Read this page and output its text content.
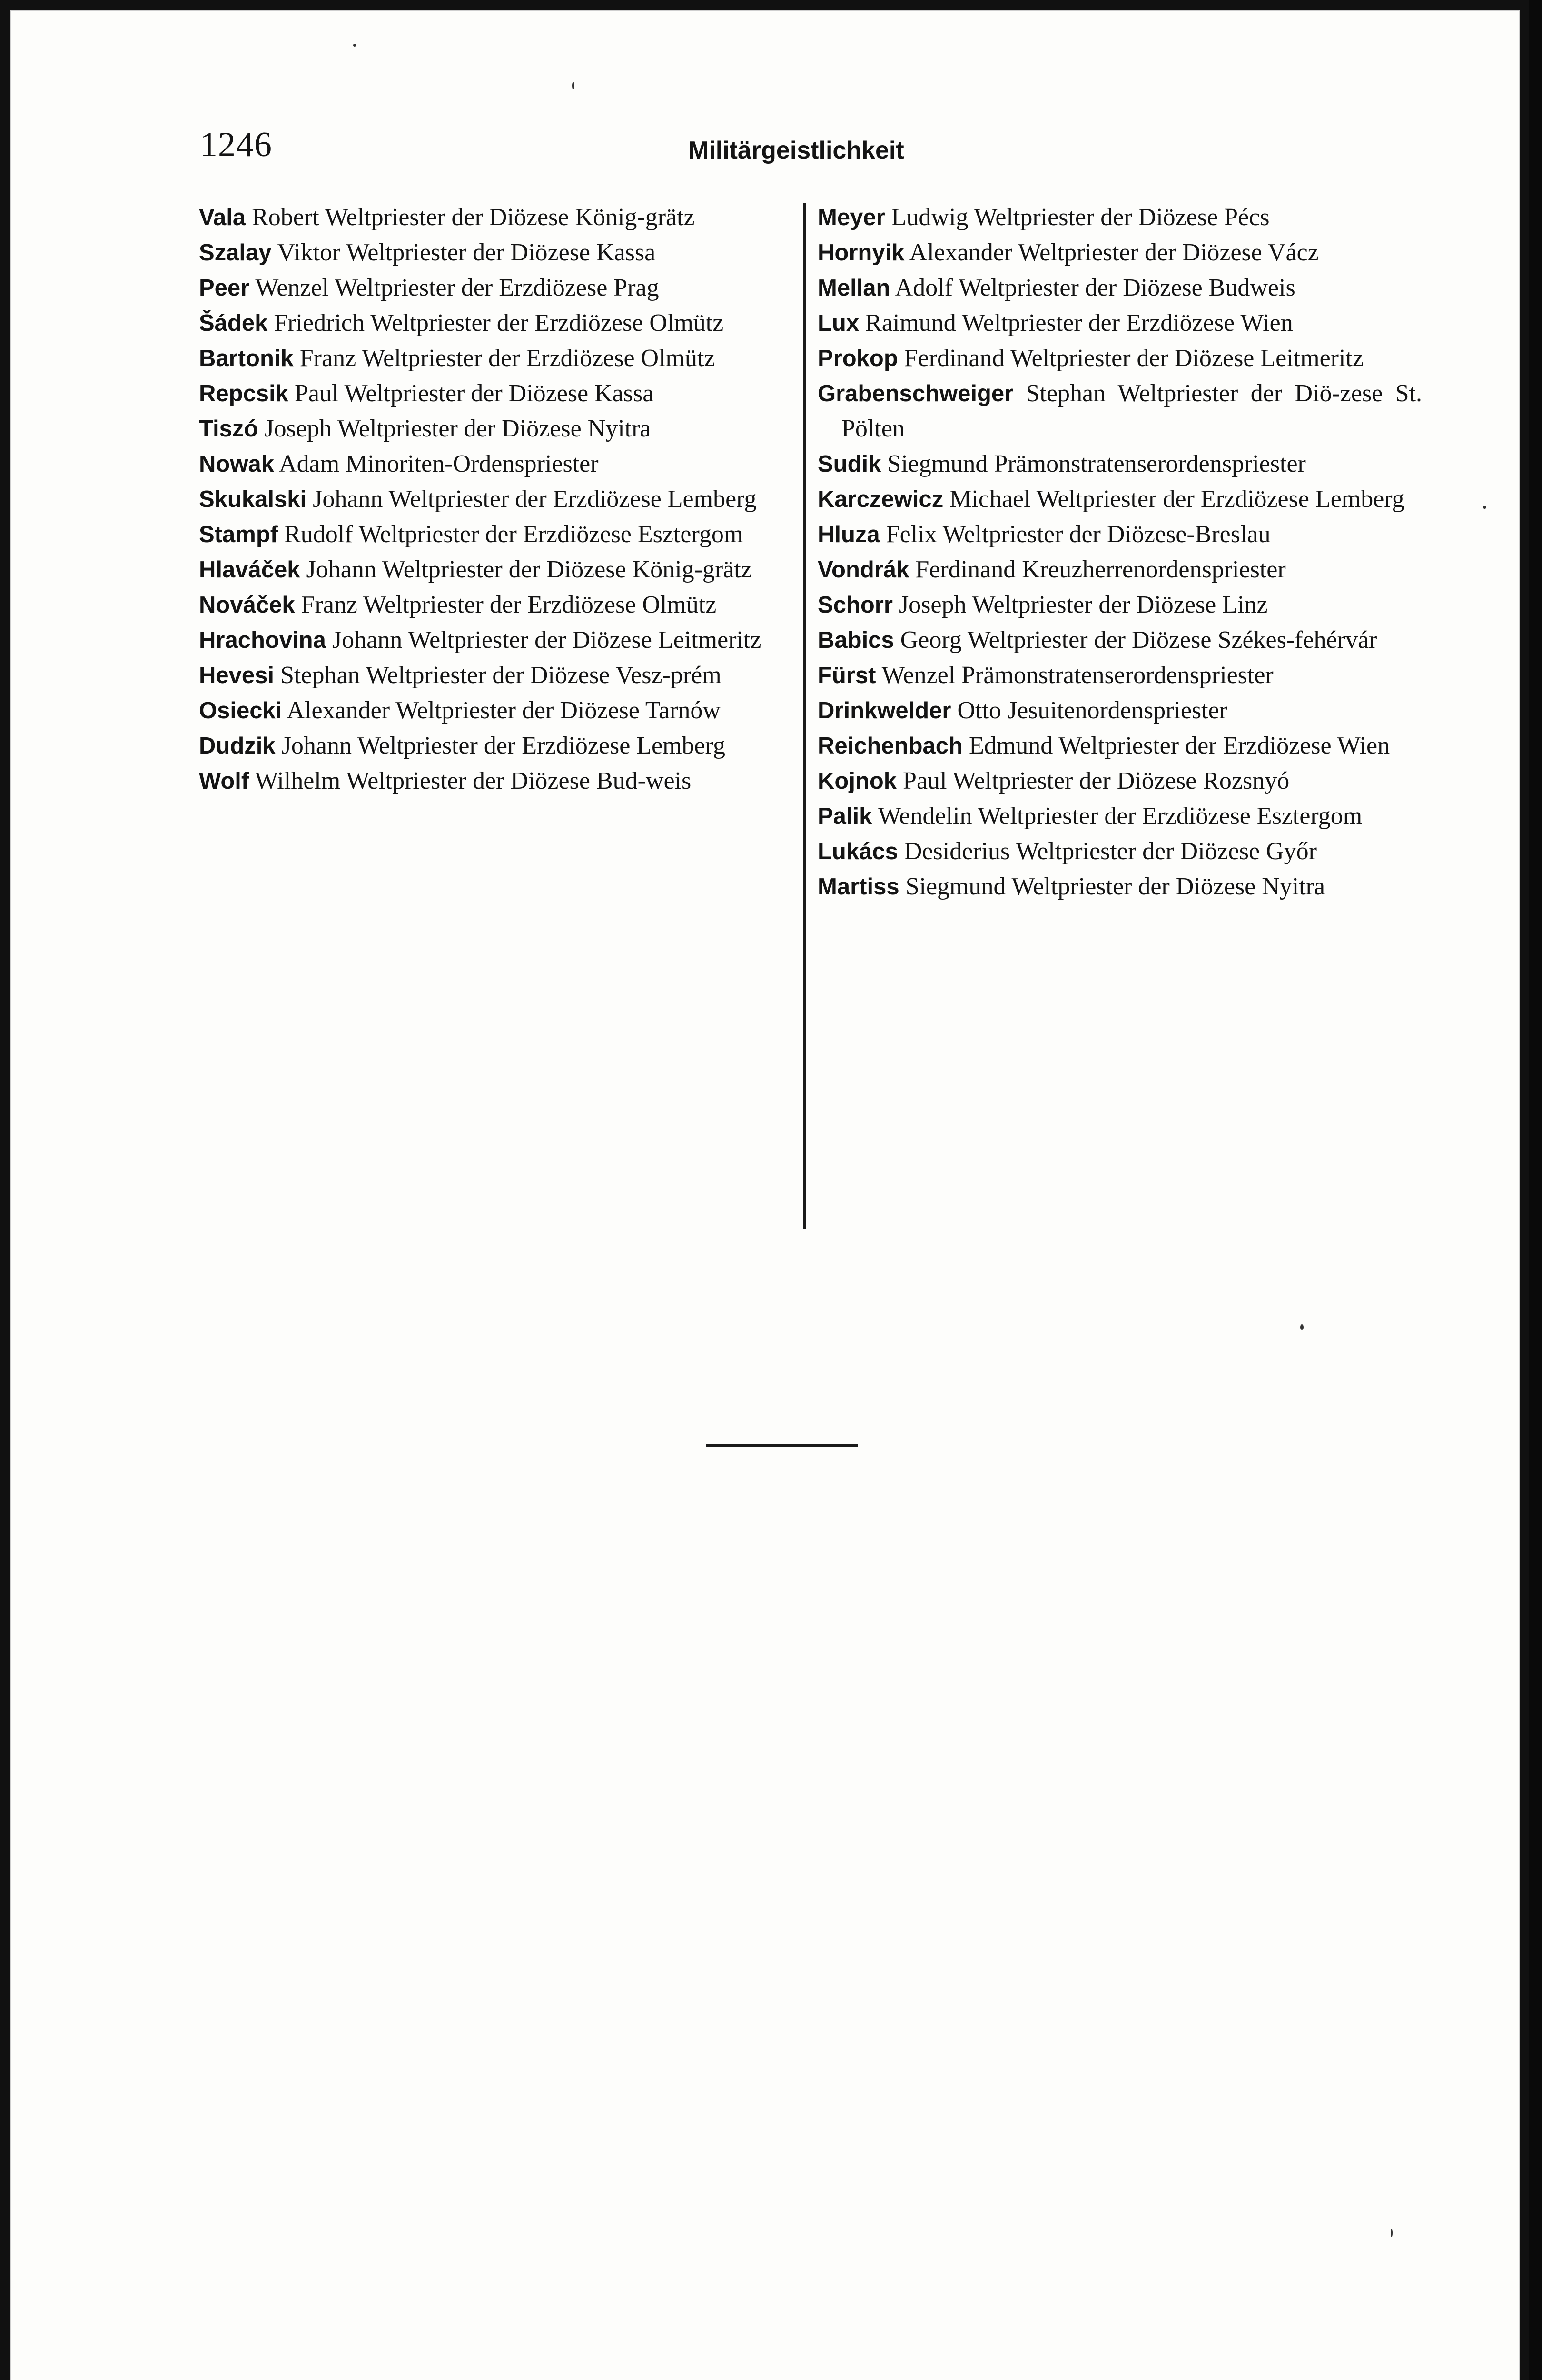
1246	Militärgeistlichkeit

Vala Robert Weltpriester der Diözese König-grätz

Szalay Viktor Weltpriester der Diözese Kassa

Peer Wenzel Weltpriester der Erzdiözese Prag

Šádek Friedrich Weltpriester der Erzdiözese Olmütz

Bartonik Franz Weltpriester der Erzdiözese Olmütz

Repcsik Paul Weltpriester der Diözese Kassa

Tiszó Joseph Weltpriester der Diözese Nyitra

Nowak Adam Minoriten-Ordenspriester

Skukalski Johann Weltpriester der Erzdiözese Lemberg

Stampf Rudolf Weltpriester der Erzdiözese Esztergom

Hlaváček Johann Weltpriester der Diözese König-grätz

Nováček Franz Weltpriester der Erzdiözese Olmütz

Hrachovina Johann Weltpriester der Diözese Leitmeritz

Hevesi Stephan Weltpriester der Diözese Vesz-prém

Osiecki Alexander Weltpriester der Diözese Tarnów

Dudzik Johann Weltpriester der Erzdiözese Lemberg

Wolf Wilhelm Weltpriester der Diözese Bud-weis

Meyer Ludwig Weltpriester der Diözese Pécs

Hornyik Alexander Weltpriester der Diözese Vácz

Mellan Adolf Weltpriester der Diözese Budweis

Lux Raimund Weltpriester der Erzdiözese Wien

Prokop Ferdinand Weltpriester der Diözese Leitmeritz

Grabenschweiger Stephan Weltpriester der Diö-zese St. Pölten

Sudik Siegmund Prämonstratenserordenspriester

Karczewicz Michael Weltpriester der Erzdiözese Lemberg

Hluza Felix Weltpriester der Diözese-Breslau

Vondrák Ferdinand Kreuzherrenordenspriester

Schorr Joseph Weltpriester der Diözese Linz

Babics Georg Weltpriester der Diözese Székes-fehérvár

Fürst Wenzel Prämonstratenserordenspriester

Drinkwelder Otto Jesuitenordenspriester

Reichenbach Edmund Weltpriester der Erzdiözese Wien

Kojnok Paul Weltpriester der Diözese Rozsnyó

Palik Wendelin Weltpriester der Erzdiözese Esztergom

Lukács Desiderius Weltpriester der Diözese Győr

Martiss Siegmund Weltpriester der Diözese Nyitra
